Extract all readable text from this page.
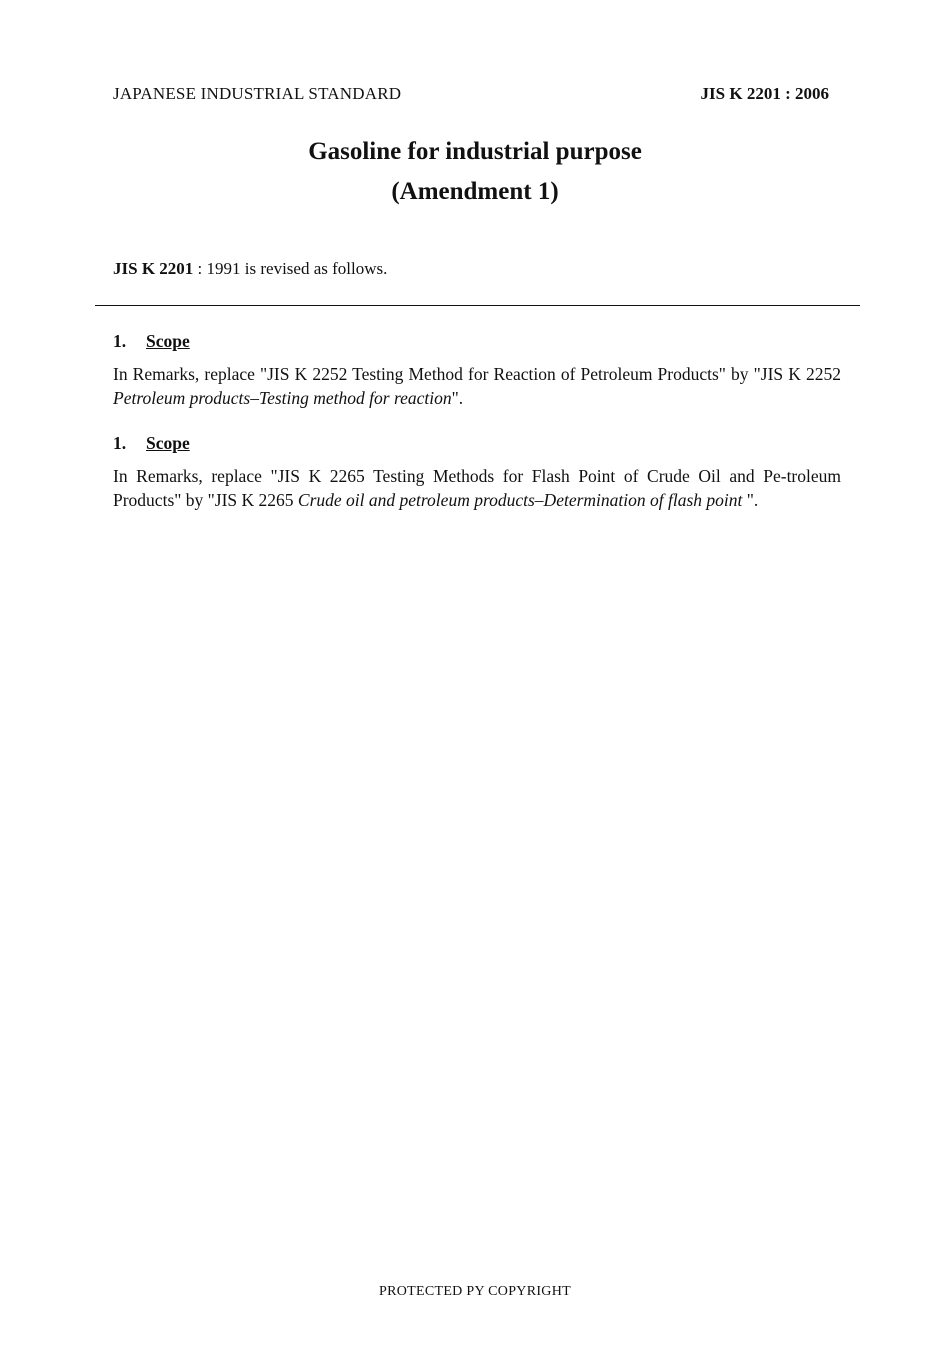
JAPANESE INDUSTRIAL STANDARD	JIS K 2201 : 2006
Gasoline for industrial purpose
(Amendment 1)
JIS K 2201 : 1991 is revised as follows.
1. Scope
In Remarks, replace "JIS K 2252 Testing Method for Reaction of Petroleum Products" by "JIS K 2252 Petroleum products–Testing method for reaction".
1. Scope
In Remarks, replace "JIS K 2265 Testing Methods for Flash Point of Crude Oil and Pe-troleum Products" by "JIS K 2265 Crude oil and petroleum products–Determination of flash point ".
PROTECTED PY COPYRIGHT
